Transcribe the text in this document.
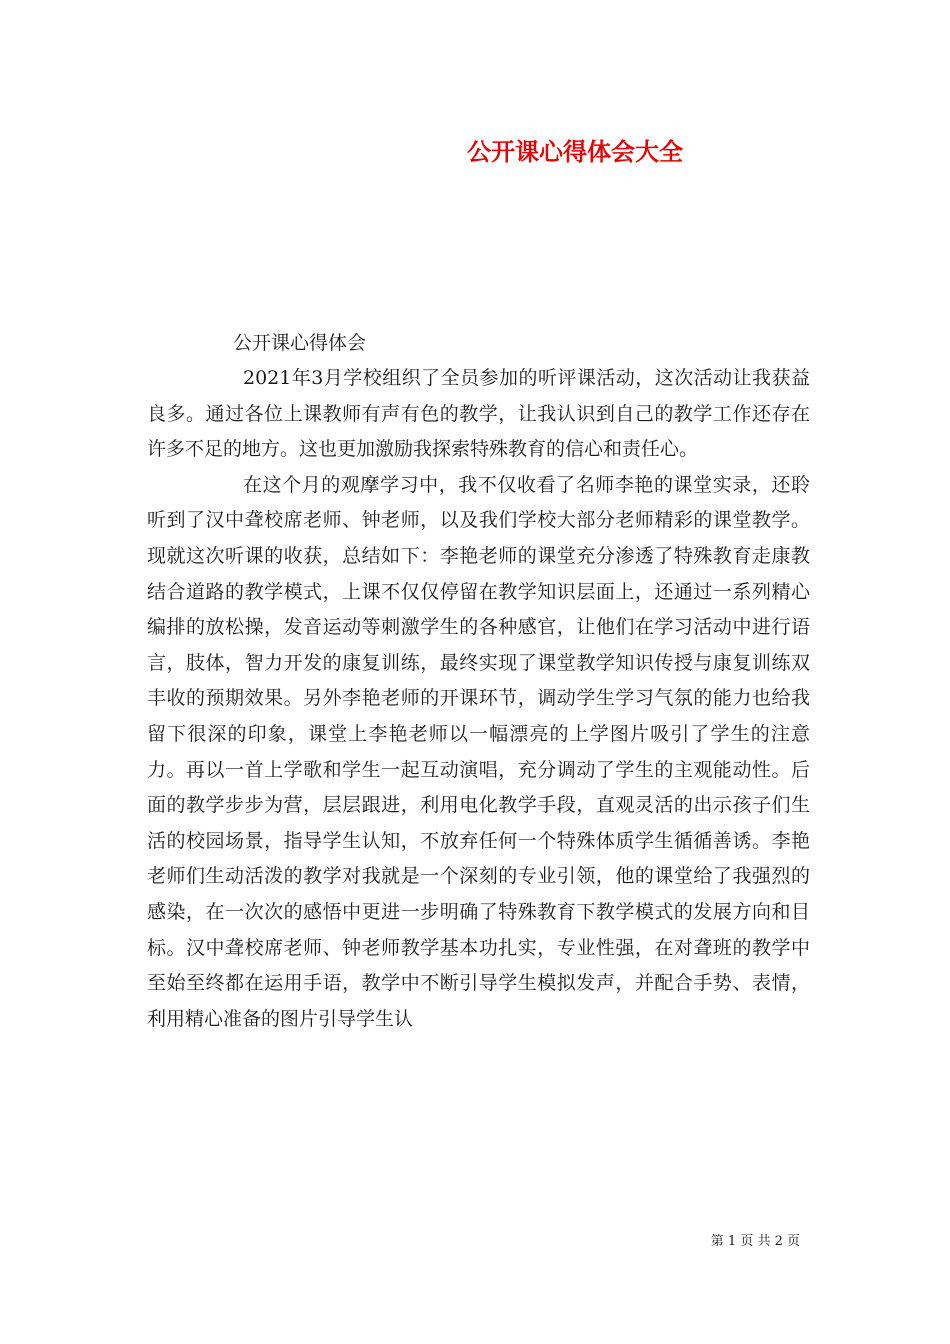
公开课心得体会大全
公开课心得体会

2021年3月学校组织了全员参加的听评课活动，这次活动让我获益良多。通过各位上课教师有声有色的教学，让我认识到自己的教学工作还存在许多不足的地方。这也更加激励我探索特殊教育的信心和责任心。

在这个月的观摩学习中，我不仅收看了名师李艳的课堂实录，还聆听到了汉中聋校席老师、钟老师，以及我们学校大部分老师精彩的课堂教学。现就这次听课的收获，总结如下：李艳老师的课堂充分渗透了特殊教育走康教结合道路的教学模式，上课不仅仅停留在教学知识层面上，还通过一系列精心编排的放松操，发音运动等刺激学生的各种感官，让他们在学习活动中进行语言，肢体，智力开发的康复训练，最终实现了课堂教学知识传授与康复训练双丰收的预期效果。另外李艳老师的开课环节，调动学生学习气氛的能力也给我留下很深的印象，课堂上李艳老师以一幅漂亮的上学图片吸引了学生的注意力。再以一首上学歌和学生一起互动演唱，充分调动了学生的主观能动性。后面的教学步步为营，层层跟进，利用电化教学手段，直观灵活的出示孩子们生活的校园场景，指导学生认知，不放弃任何一个特殊体质学生循循善诱。李艳老师们生动活泼的教学对我就是一个深刻的专业引领，他的课堂给了我强烈的感染，在一次次的感悟中更进一步明确了特殊教育下教学模式的发展方向和目标。汉中聋校席老师、钟老师教学基本功扎实，专业性强，在对聋班的教学中至始至终都在运用手语，教学中不断引导学生模拟发声，并配合手势、表情，利用精心准备的图片引导学生认

第 1 页 共 2 页
